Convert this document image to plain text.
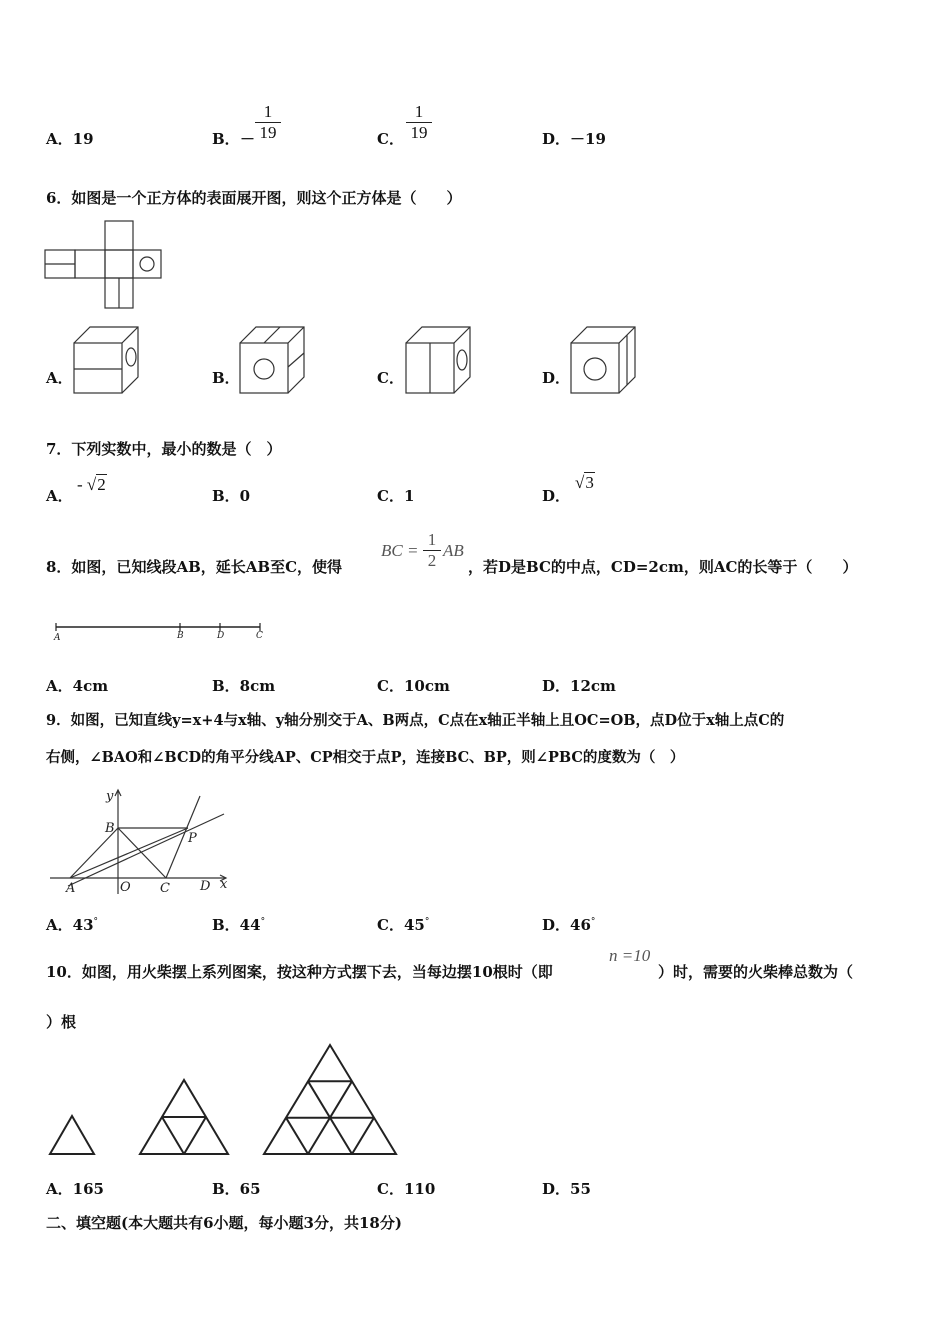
A．19	B． － $\frac{1}{19}$	C． $\frac{1}{19}$	D．－19
6．如图是一个正方体的表面展开图，则这个正方体是（　　）
A．	B．	C．	D．
7．下列实数中，最小的数是（　）
A．
- √2
B．0	C．1	D．
√3
8．如图，已知线段AB，延长AB至C，使得
BC = $\frac{1}{2}$ AB
，若D是BC的中点，CD=2cm，则AC的长等于（　　）
A	B	D	C
A．4cm	B．8cm	C．10cm	D．12cm
9．如图，已知直线y=x+4与x轴、y轴分别交于A、B两点，C点在x轴正半轴上且OC=OB，点D位于x轴上点C的
右侧，∠BAO和∠BCD的角平分线AP、CP相交于点P，连接BC、BP，则∠PBC的度数为（　）
y
x
B
P
A	O C D
A．43°	B．44°	C．45°	D．46°
10．如图，用火柴摆上系列图案，按这种方式摆下去，当每边摆10根时（即
n =10
）时，需要的火柴棒总数为（
）根
A．165	B．65	C．110	D．55
二、填空题(本大题共有6小题，每小题3分，共18分)
